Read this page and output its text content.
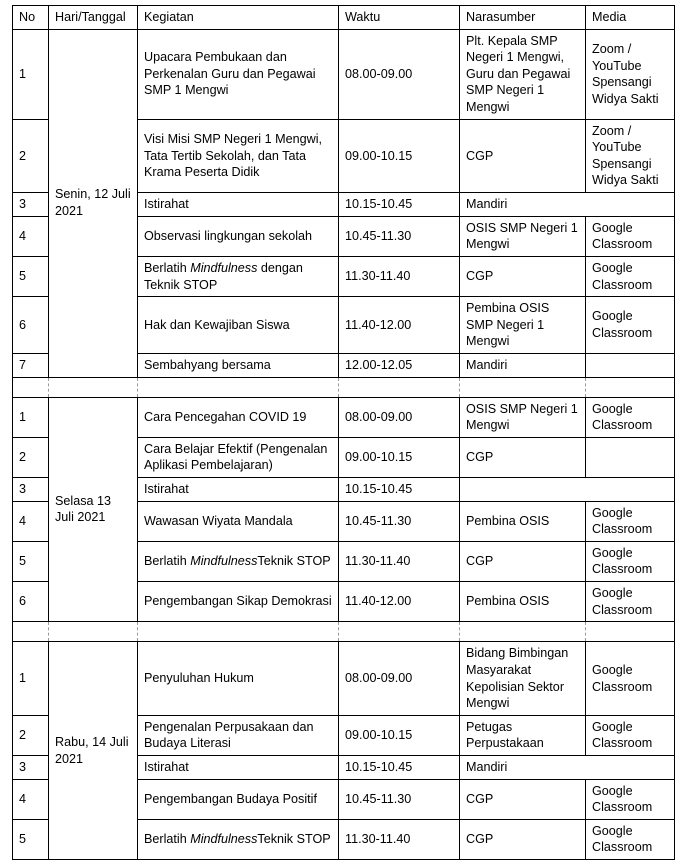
No	Hari/Tanggal	Kegiatan	Waktu	Narasumber	Media
1	Senin, 12 Juli 2021	Upacara Pembukaan dan Perkenalan Guru dan Pegawai SMP 1 Mengwi	08.00-09.00	Plt. Kepala SMP Negeri 1 Mengwi, Guru dan Pegawai SMP Negeri 1 Mengwi	Zoom / YouTube Spensangi Widya Sakti
2		Visi Misi SMP Negeri 1 Mengwi, Tata Tertib Sekolah, dan Tata Krama Peserta Didik	09.00-10.15	CGP	Zoom / YouTube Spensangi Widya Sakti
3		Istirahat	10.15-10.45	Mandiri	
4		Observasi lingkungan sekolah	10.45-11.30	OSIS SMP Negeri 1 Mengwi	Google Classroom
5		Berlatih Mindfulness dengan Teknik STOP	11.30-11.40	CGP	Google Classroom
6		Hak dan Kewajiban Siswa	11.40-12.00	Pembina OSIS SMP Negeri 1 Mengwi	Google Classroom
7		Sembahyang bersama	12.00-12.05	Mandiri	

1	Selasa 13 Juli 2021	Cara Pencegahan COVID 19	08.00-09.00	OSIS SMP Negeri 1 Mengwi	Google Classroom
2		Cara Belajar Efektif (Pengenalan Aplikasi Pembelajaran)	09.00-10.15	CGP	
3		Istirahat	10.15-10.45		
4		Wawasan Wiyata Mandala	10.45-11.30	Pembina OSIS	Google Classroom
5		Berlatih MindfulnessTeknik STOP	11.30-11.40	CGP	Google Classroom
6		Pengembangan Sikap Demokrasi	11.40-12.00	Pembina OSIS	Google Classroom

1	Rabu, 14 Juli 2021	Penyuluhan Hukum	08.00-09.00	Bidang Bimbingan Masyarakat Kepolisian Sektor Mengwi	Google Classroom
2		Pengenalan Perpusakaan dan Budaya Literasi	09.00-10.15	Petugas Perpustakaan	Google Classroom
3		Istirahat	10.15-10.45	Mandiri	
4		Pengembangan Budaya Positif	10.45-11.30	CGP	Google Classroom
5		Berlatih MindfulnessTeknik STOP	11.30-11.40	CGP	Google Classroom
